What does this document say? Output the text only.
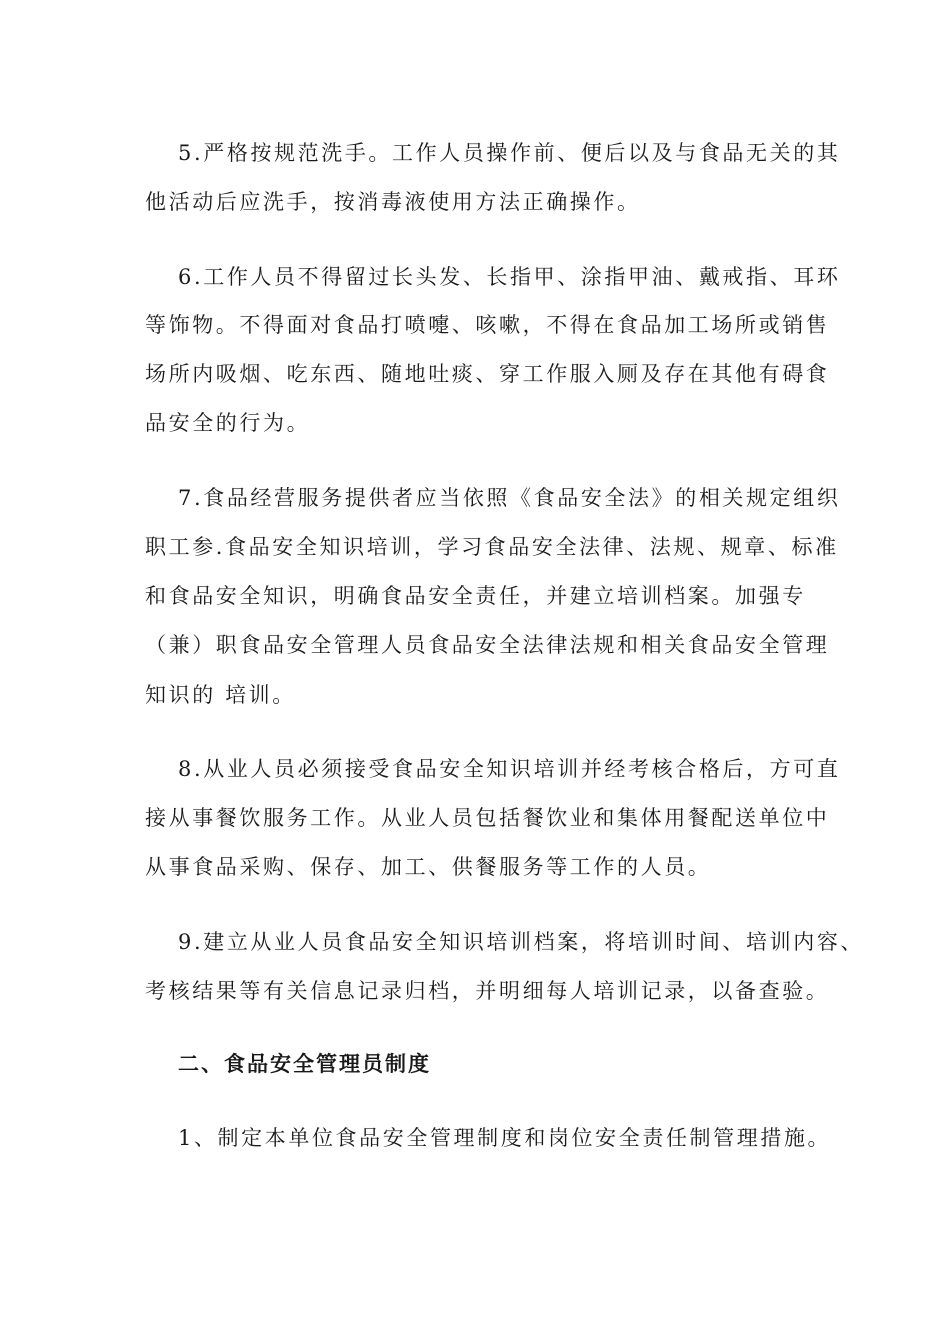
5.严格按规范洗手。工作人员操作前、便后以及与食品无关的其
他活动后应洗手，按消毒液使用方法正确操作。
6.工作人员不得留过长头发、长指甲、涂指甲油、戴戒指、耳环
等饰物。不得面对食品打喷嚏、咳嗽，不得在食品加工场所或销售
场所内吸烟、吃东西、随地吐痰、穿工作服入厕及存在其他有碍食
品安全的行为。
7.食品经营服务提供者应当依照《食品安全法》的相关规定组织
职工参.食品安全知识培训，学习食品安全法律、法规、规章、标准
和食品安全知识，明确食品安全责任，并建立培训档案。加强专
（兼）职食品安全管理人员食品安全法律法规和相关食品安全管理
知识的 培训。
8.从业人员必须接受食品安全知识培训并经考核合格后，方可直
接从事餐饮服务工作。从业人员包括餐饮业和集体用餐配送单位中
从事食品采购、保存、加工、供餐服务等工作的人员。
9.建立从业人员食品安全知识培训档案，将培训时间、培训内容、
考核结果等有关信息记录归档，并明细每人培训记录，以备查验。
二、食品安全管理员制度
1、制定本单位食品安全管理制度和岗位安全责任制管理措施。
